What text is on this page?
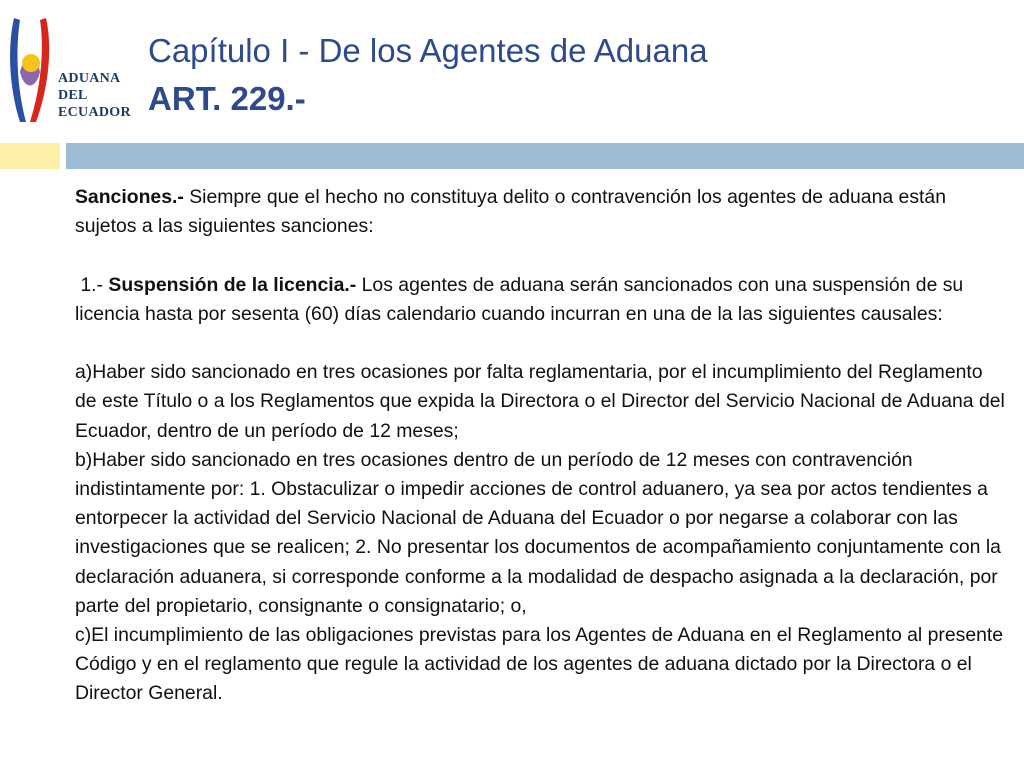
ADUANA
DEL
ECUADOR
Capítulo I - De los Agentes de Aduana
ART. 229.-

Sanciones.- Siempre que el hecho no constituya delito o contravención los agentes de aduana están sujetos a las siguientes sanciones:

1.- Suspensión de la licencia.- Los agentes de aduana serán sancionados con una suspensión de su licencia hasta por sesenta (60) días calendario cuando incurran en una de la las siguientes causales:

a)Haber sido sancionado en tres ocasiones por falta reglamentaria, por el incumplimiento del Reglamento de este Título o a los Reglamentos que expida la Directora o el Director del Servicio Nacional de Aduana del Ecuador, dentro de un período de 12 meses;

b)Haber sido sancionado en tres ocasiones dentro de un período de 12 meses con contravención indistintamente por: 1. Obstaculizar o impedir acciones de control aduanero, ya sea por actos tendientes a entorpecer la actividad del Servicio Nacional de Aduana del Ecuador o por negarse a colaborar con las investigaciones que se realicen; 2. No presentar los documentos de acompañamiento conjuntamente con la declaración aduanera, si corresponde conforme a la modalidad de despacho asignada a la declaración, por parte del propietario, consignante o consignatario; o,

c)El incumplimiento de las obligaciones previstas para los Agentes de Aduana en el Reglamento al presente Código y en el reglamento que regule la actividad de los agentes de aduana dictado por la Directora o el Director General.
